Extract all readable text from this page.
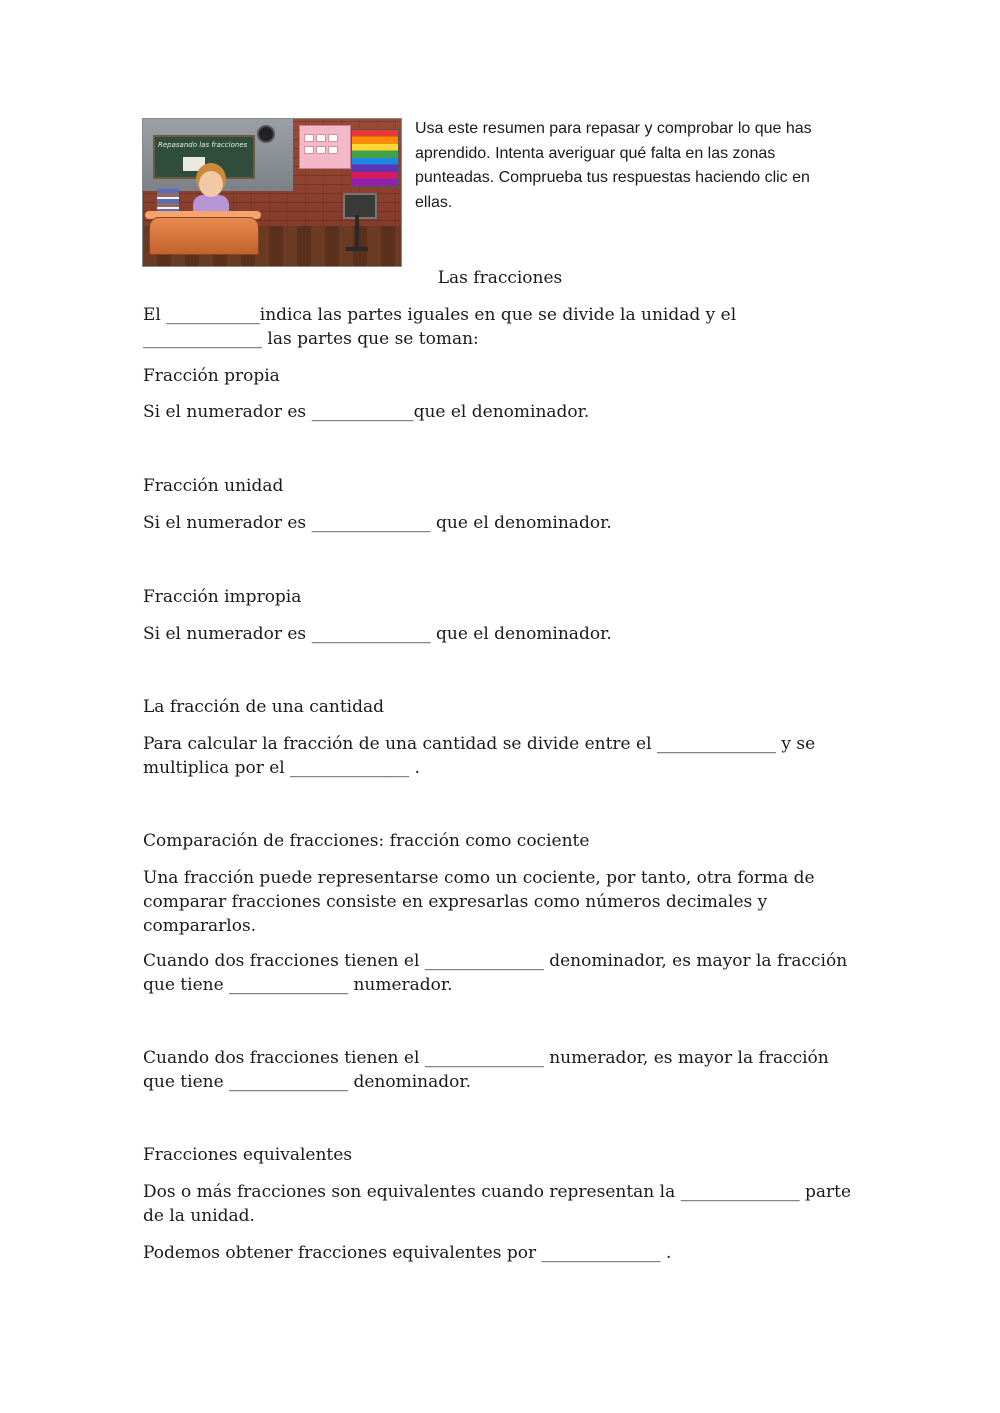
Repasando las fracciones
Usa este resumen para repasar y comprobar lo que has aprendido. Intenta averiguar qué falta en las zonas punteadas. Comprueba tus respuestas haciendo clic en ellas.
Las fracciones
El ___________indica las partes iguales en que se divide la unidad y el ______________ las partes que se toman:
Fracción propia
Si el numerador es ____________que el denominador.
Fracción unidad
Si el numerador es ______________ que el denominador.
Fracción impropia
Si el numerador es ______________ que el denominador.
La fracción de una cantidad
Para calcular la fracción de una cantidad se divide entre el ______________ y se multiplica por el ______________ .
Comparación de fracciones: fracción como cociente
Una fracción puede representarse como un cociente, por tanto, otra forma de comparar fracciones consiste en expresarlas como números decimales y compararlos.
Cuando dos fracciones tienen el ______________ denominador, es mayor la fracción que tiene ______________ numerador.
Cuando dos fracciones tienen el ______________ numerador, es mayor la fracción que tiene ______________ denominador.
Fracciones equivalentes
Dos o más fracciones son equivalentes cuando representan la ______________ parte de la unidad.
Podemos obtener fracciones equivalentes por ______________ .
